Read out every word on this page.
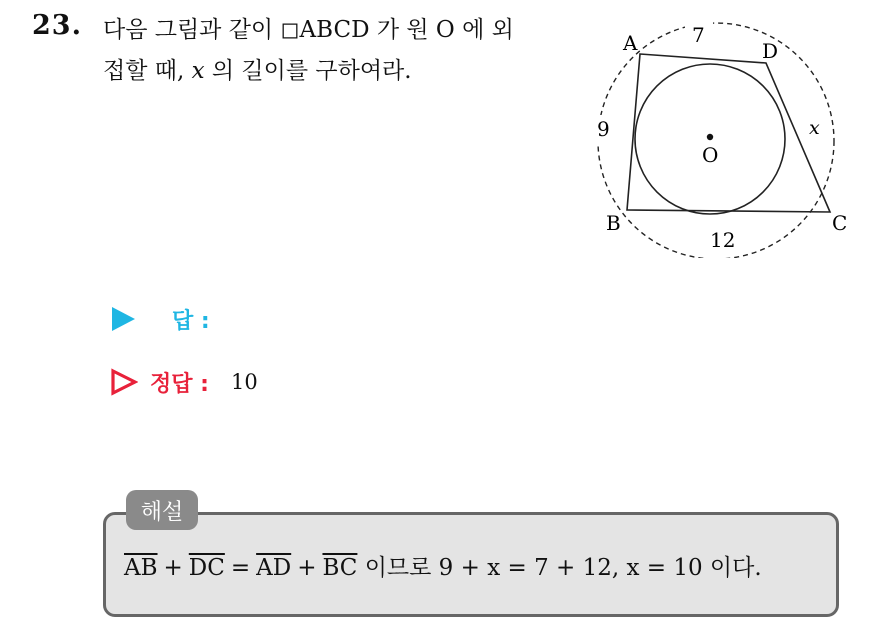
23. 다음 그림과 같이 ◻ABCD 가 원 O 에 외
접할 때, x 의 길이를 구하여라.
A	D
B	C
O
7
9
12
x
답 :
정답 : 10
해설
$\overline{AB} + \overline{DC} = \overline{AD} + \overline{BC}$ 이므로 9 + x = 7 + 12, x = 10 이다.
